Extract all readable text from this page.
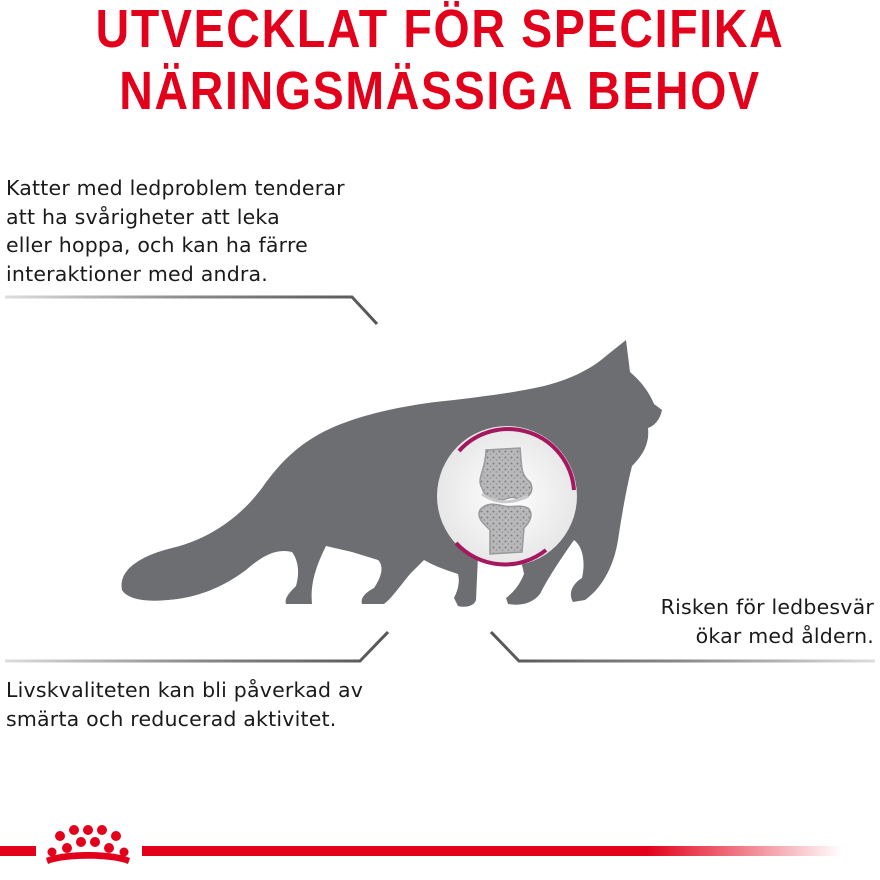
UTVECKLAT FÖR SPECIFIKA
NÄRINGSMÄSSIGA BEHOV
Katter med ledproblem tenderar
att ha svårigheter att leka
eller hoppa, och kan ha färre
interaktioner med andra.
Livskvaliteten kan bli påverkad av
smärta och reducerad aktivitet.
Risken för ledbesvär
ökar med åldern.
